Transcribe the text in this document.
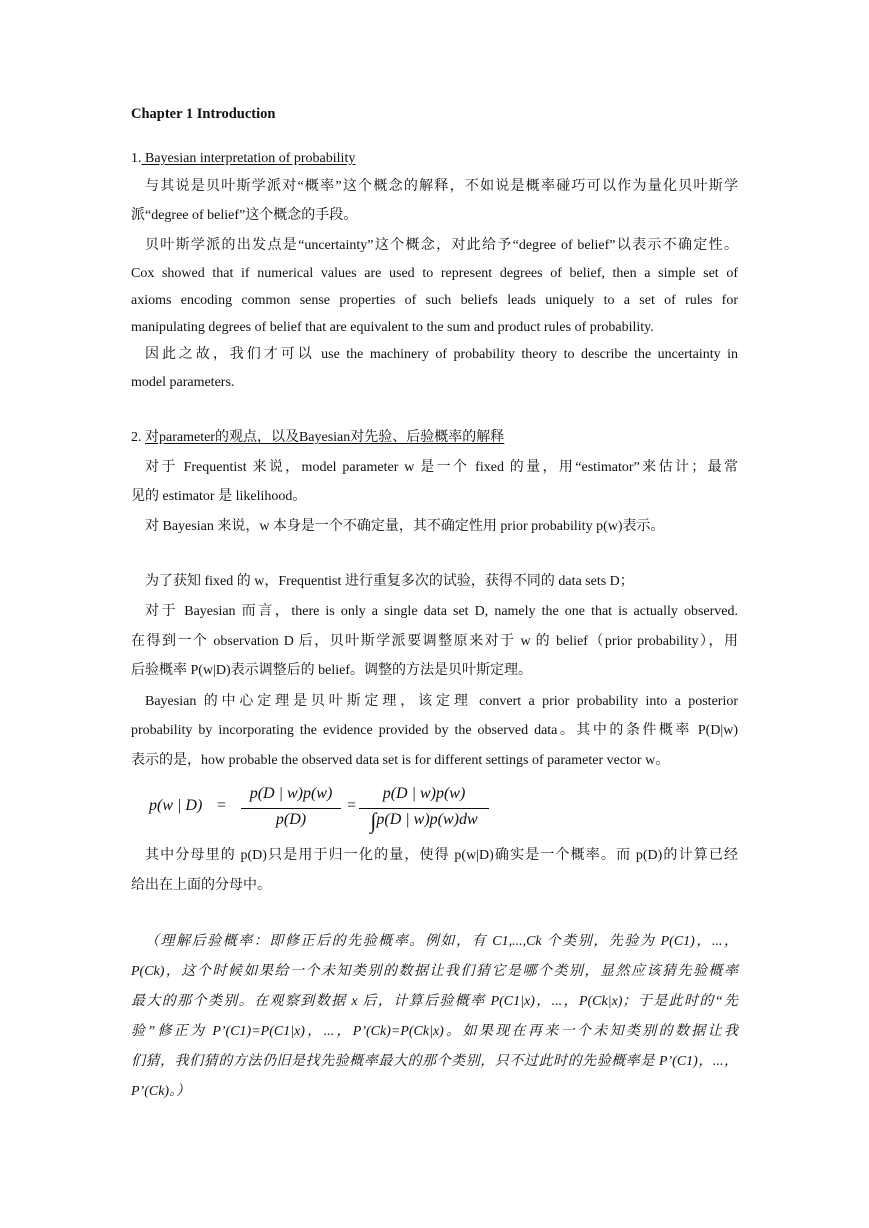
Chapter 1 Introduction
1. Bayesian interpretation of probability
与其说是贝叶斯学派对“概率”这个概念的解释，不如说是概率碰巧可以作为量化贝叶斯学
派“degree of belief”这个概念的手段。
贝叶斯学派的出发点是“uncertainty”这个概念，对此给予“degree of belief”以表示不确定性。
Cox showed that if numerical values are used to represent degrees of belief, then a simple set of
axioms encoding common sense properties of such beliefs leads uniquely to a set of rules for
manipulating degrees of belief that are equivalent to the sum and product rules of probability.
因此之故，我们才可以 use the machinery of probability theory to describe the uncertainty in
model parameters.
2. 对parameter的观点，以及Bayesian对先验、后验概率的解释
对于 Frequentist 来说，model parameter w 是一个 fixed 的量，用“estimator”来估计；最常
见的 estimator 是 likelihood。
对 Bayesian 来说，w 本身是一个不确定量，其不确定性用 prior probability p(w)表示。
为了获知 fixed 的 w，Frequentist 进行重复多次的试验，获得不同的 data sets D；
对于 Bayesian 而言，there is only a single data set D, namely the one that is actually observed.
在得到一个 observation D 后，贝叶斯学派要调整原来对于 w 的 belief（prior probability），用
后验概率 P(w|D)表示调整后的 belief。调整的方法是贝叶斯定理。
Bayesian 的中心定理是贝叶斯定理，该定理 convert a prior probability into a posterior
probability by incorporating the evidence provided by the observed data。其中的条件概率 P(D|w)
表示的是，how probable the observed data set is for different settings of parameter vector w。
p(w | D) =
p(D | w)p(w)
p(D)
=
p(D | w)p(w)
∫p(D | w)p(w)dw
其中分母里的 p(D)只是用于归一化的量，使得 p(w|D)确实是一个概率。而 p(D)的计算已经
给出在上面的分母中。
（理解后验概率：即修正后的先验概率。例如，有 C1,...,Ck 个类别，先验为 P(C1)，...，
P(Ck)，这个时候如果给一个未知类别的数据让我们猜它是哪个类别，显然应该猜先验概率
最大的那个类别。在观察到数据 x 后，计算后验概率 P(C1|x)，...，P(Ck|x)；于是此时的“先
验”修正为 P’(C1)=P(C1|x)，...，P’(Ck)=P(Ck|x)。如果现在再来一个未知类别的数据让我
们猜，我们猜的方法仍旧是找先验概率最大的那个类别，只不过此时的先验概率是 P’(C1)，...，
P’(Ck)。）
